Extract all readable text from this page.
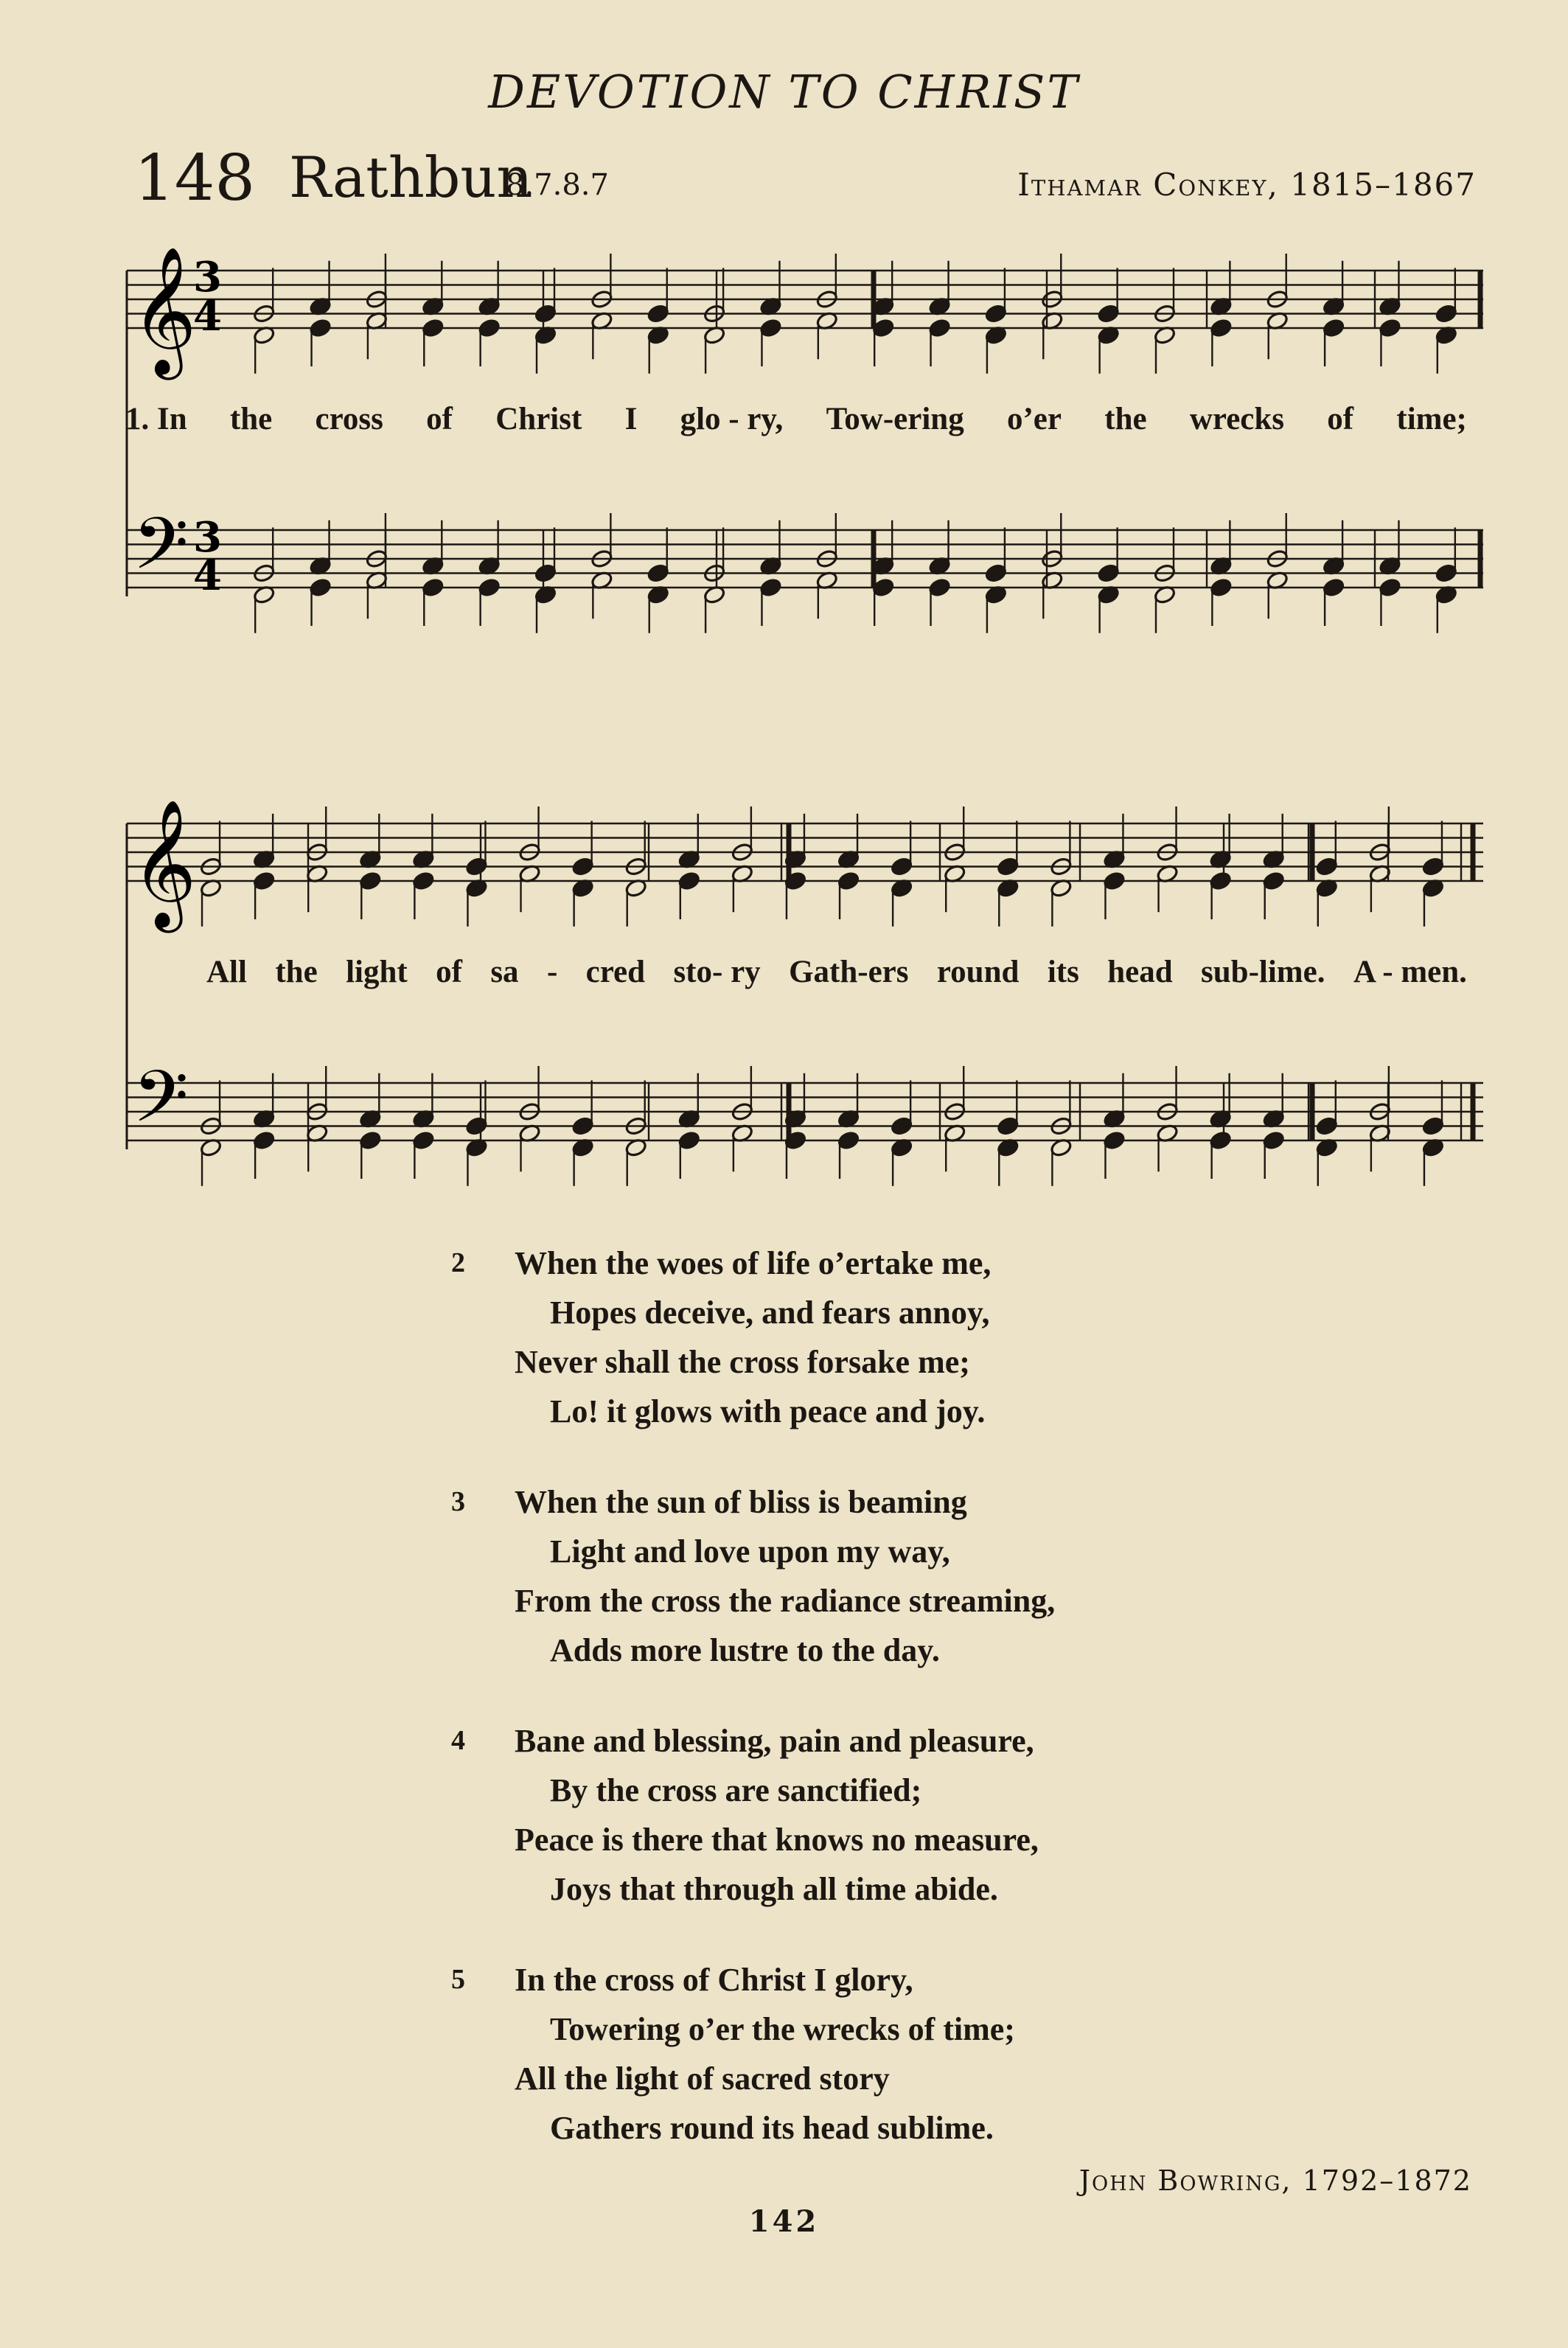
DEVOTION TO CHRIST
148 Rathbun
8.7.8.7	Ithamar Conkey, 1815–1867
𝄞
𝄢
𝄞
𝄢
3
4
3
4
1. In the cross of Christ I glo - ry, Tow-ering o’er the wrecks of time;
All the light of sa - cred sto- ry Gath-ers round its head sub-lime. A - men.
2	When the woes of life o’ertake me,
Hopes deceive, and fears annoy,
Never shall the cross forsake me;
Lo! it glows with peace and joy.
3	When the sun of bliss is beaming
Light and love upon my way,
From the cross the radiance streaming,
Adds more lustre to the day.
4	Bane and blessing, pain and pleasure,
By the cross are sanctified;
Peace is there that knows no measure,
Joys that through all time abide.
5	In the cross of Christ I glory,
Towering o’er the wrecks of time;
All the light of sacred story
Gathers round its head sublime.
John Bowring, 1792–1872
142
